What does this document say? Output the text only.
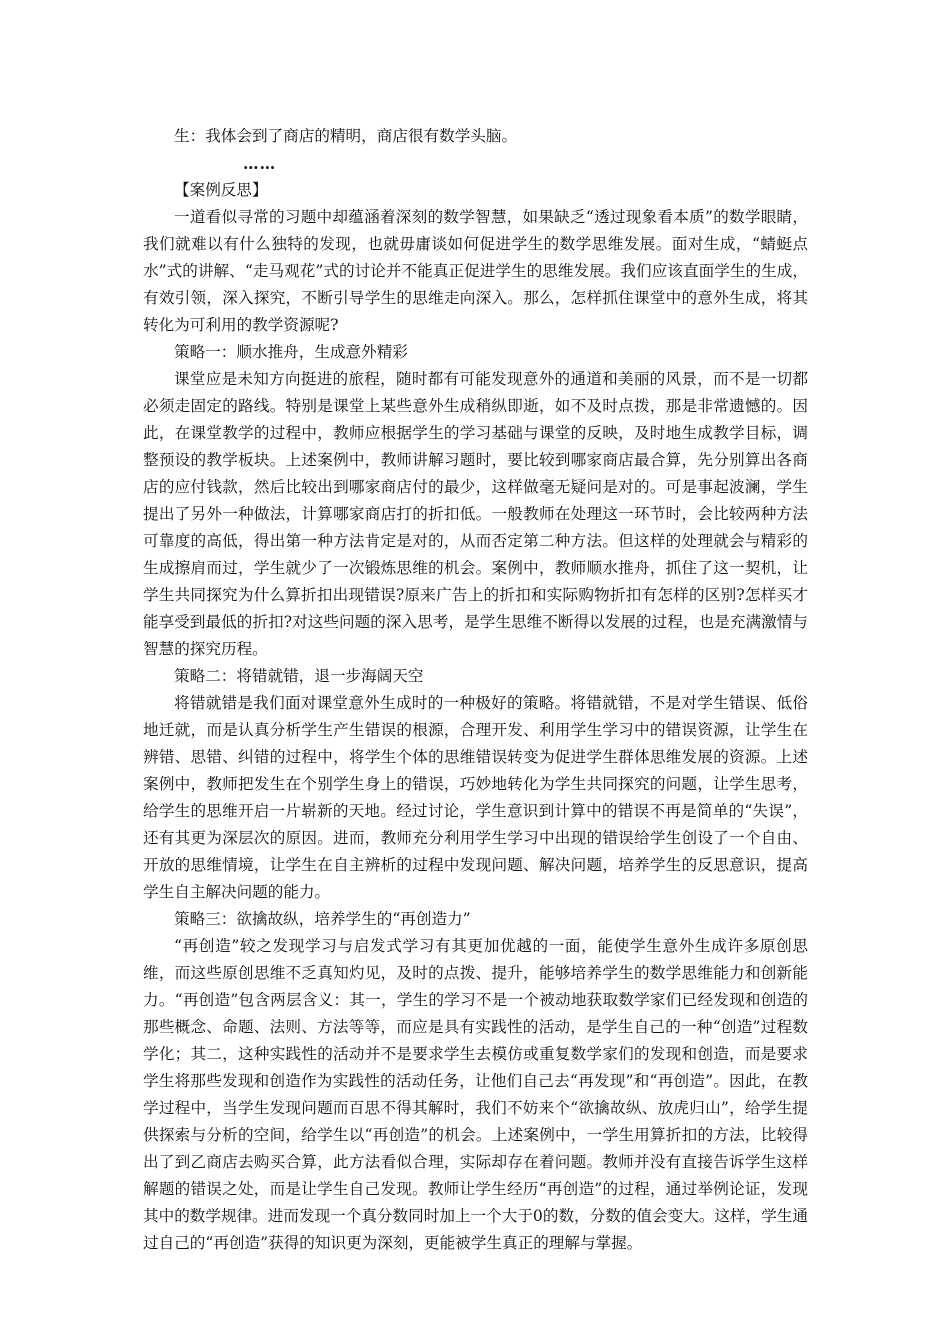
生：我体会到了商店的精明，商店很有数学头脑。
……
【案例反思】

一道看似寻常的习题中却蕴涵着深刻的数学智慧，如果缺乏“透过现象看本质”的数学眼睛，我们就难以有什么独特的发现，也就毋庸谈如何促进学生的数学思维发展。面对生成，“蜻蜓点水”式的讲解、“走马观花”式的讨论并不能真正促进学生的思维发展。我们应该直面学生的生成，有效引领，深入探究，不断引导学生的思维走向深入。那么，怎样抓住课堂中的意外生成，将其转化为可利用的教学资源呢?

策略一：顺水推舟，生成意外精彩

课堂应是未知方向挺进的旅程，随时都有可能发现意外的通道和美丽的风景，而不是一切都必须走固定的路线。特别是课堂上某些意外生成稍纵即逝，如不及时点拨，那是非常遗憾的。因此，在课堂教学的过程中，教师应根据学生的学习基础与课堂的反映，及时地生成教学目标，调整预设的教学板块。上述案例中，教师讲解习题时，要比较到哪家商店最合算，先分别算出各商店的应付钱款，然后比较出到哪家商店付的最少，这样做毫无疑问是对的。可是事起波澜，学生提出了另外一种做法，计算哪家商店打的折扣低。一般教师在处理这一环节时，会比较两种方法可靠度的高低，得出第一种方法肯定是对的，从而否定第二种方法。但这样的处理就会与精彩的生成擦肩而过，学生就少了一次锻炼思维的机会。案例中，教师顺水推舟，抓住了这一契机，让学生共同探究为什么算折扣出现错误?原来广告上的折扣和实际购物折扣有怎样的区别?怎样买才能享受到最低的折扣?对这些问题的深入思考，是学生思维不断得以发展的过程，也是充满激情与智慧的探究历程。

策略二：将错就错，退一步海阔天空

将错就错是我们面对课堂意外生成时的一种极好的策略。将错就错，不是对学生错误、低俗地迁就，而是认真分析学生产生错误的根源，合理开发、利用学生学习中的错误资源，让学生在辨错、思错、纠错的过程中，将学生个体的思维错误转变为促进学生群体思维发展的资源。上述案例中，教师把发生在个别学生身上的错误，巧妙地转化为学生共同探究的问题，让学生思考，给学生的思维开启一片崭新的天地。经过讨论，学生意识到计算中的错误不再是简单的“失误”，还有其更为深层次的原因。进而，教师充分利用学生学习中出现的错误给学生创设了一个自由、开放的思维情境，让学生在自主辨析的过程中发现问题、解决问题，培养学生的反思意识，提高学生自主解决问题的能力。

策略三：欲擒故纵，培养学生的“再创造力”

“再创造”较之发现学习与启发式学习有其更加优越的一面，能使学生意外生成许多原创思维，而这些原创思维不乏真知灼见，及时的点拨、提升，能够培养学生的数学思维能力和创新能力。“再创造”包含两层含义：其一，学生的学习不是一个被动地获取数学家们已经发现和创造的那些概念、命题、法则、方法等等，而应是具有实践性的活动，是学生自己的一种“创造”过程数学化；其二，这种实践性的活动并不是要求学生去模仿或重复数学家们的发现和创造，而是要求学生将那些发现和创造作为实践性的活动任务，让他们自己去“再发现”和“再创造”。因此，在教学过程中，当学生发现问题而百思不得其解时，我们不妨来个“欲擒故纵、放虎归山”，给学生提供探索与分析的空间，给学生以“再创造”的机会。上述案例中，一学生用算折扣的方法，比较得出了到乙商店去购买合算，此方法看似合理，实际却存在着问题。教师并没有直接告诉学生这样解题的错误之处，而是让学生自己发现。教师让学生经历“再创造”的过程，通过举例论证，发现其中的数学规律。进而发现一个真分数同时加上一个大于0的数，分数的值会变大。这样，学生通过自己的“再创造”获得的知识更为深刻，更能被学生真正的理解与掌握。
